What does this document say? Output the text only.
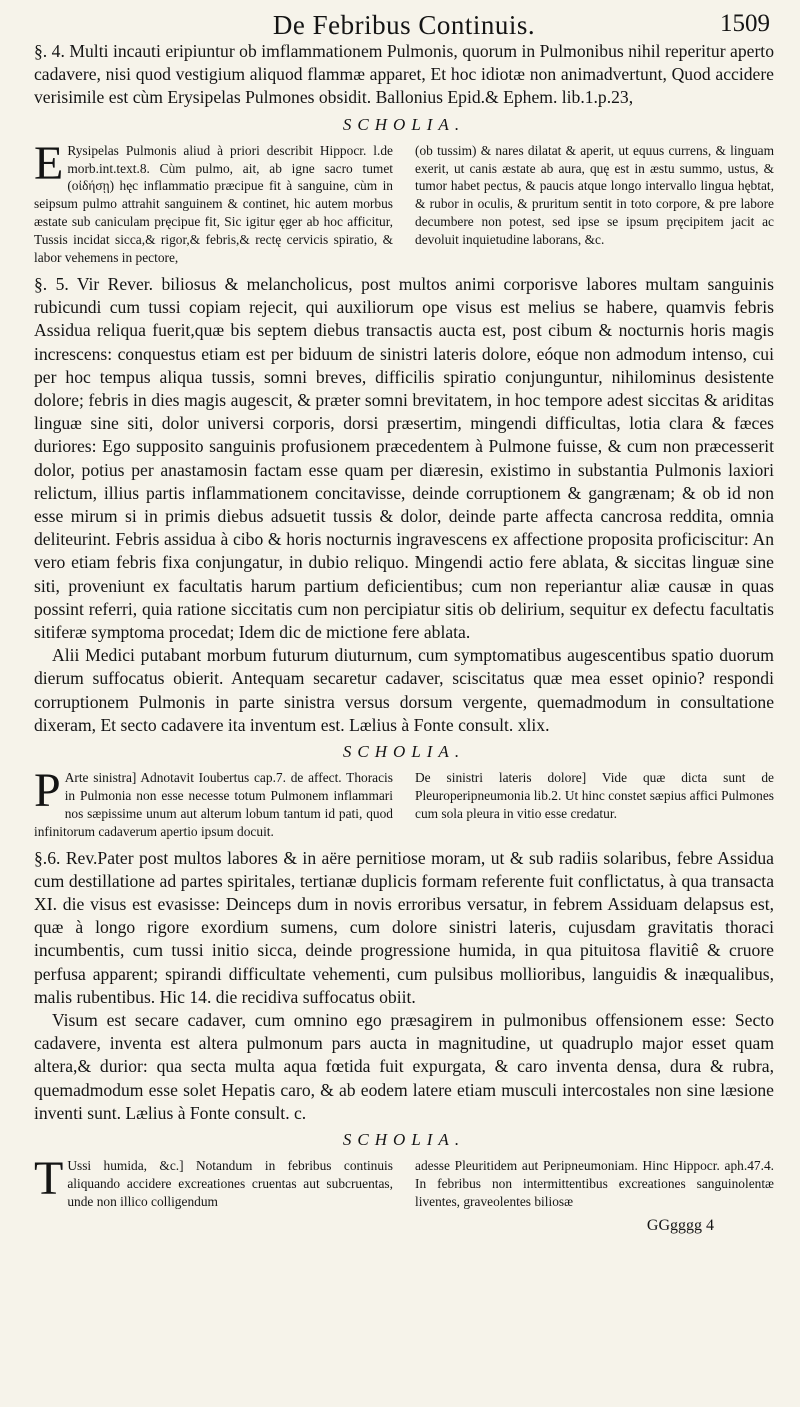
De Febribus Continuis.	1509

§. 4. Multi incauti eripiuntur ob imflammationem Pulmonis, quorum in Pulmonibus nihil reperitur aperto cadavere, nisi quod vestigium aliquod flammæ apparet, Et hoc idiotæ non animadvertunt, Quod accidere verisimile est cùm Erysipelas Pulmones obsidit. Ballonius Epid.& Ephem. lib.1.p.23,

SCHOLIA.
E Rysipelas Pulmonis aliud à priori describit Hippocr. l.de morb.int.text.8. Cùm pulmo, ait, ab igne sacro tumet (οἰδήσῃ) hęc inflammatio præcipue fit à sanguine, cùm in seipsum pulmo attrahit sanguinem & continet, hic autem morbus æstate sub caniculam pręcipue fit, Sic igitur ęger ab hoc afficitur, Tussis incidat sicca,& rigor,& febris,& rectę cervicis spiratio, & labor vehemens in pectore,
(ob tussim) & nares dilatat & aperit, ut equus currens, & linguam exerit, ut canis æstate ab aura, quę est in æstu summo, ustus, & tumor habet pectus, & paucis atque longo intervallo lingua hębtat, & rubor in oculis, & pruritum sentit in toto corpore, & pre labore decumbere non potest, sed ipse se ipsum pręcipitem jacit ac devoluit inquietudine laborans, &c.

§. 5. Vir Rever. biliosus & melancholicus, post multos animi corporisve labores multam sanguinis rubicundi cum tussi copiam rejecit, qui auxiliorum ope visus est melius se habere, quamvis febris Assidua reliqua fuerit,quæ bis septem diebus transactis aucta est, post cibum & nocturnis horis magis increscens: conquestus etiam est per biduum de sinistri lateris dolore, eóque non admodum intenso, cui per hoc tempus aliqua tussis, somni breves, difficilis spiratio conjunguntur, nihilominus desistente dolore; febris in dies magis augescit, & præter somni brevitatem, in hoc tempore adest siccitas & ariditas linguæ sine siti, dolor universi corporis, dorsi præsertim, mingendi difficultas, lotia clara & fæces duriores: Ego supposito sanguinis profusionem præcedentem à Pulmone fuisse, & cum non præcesserit dolor, potius per anastamosin factam esse quam per diæresin, existimo in substantia Pulmonis laxiori relictum, illius partis inflammationem concitavisse, deinde corruptionem & gangrænam; & ob id non esse mirum si in primis diebus adsuetit tussis & dolor, deinde parte affecta cancrosa reddita, omnia deliteurint. Febris assidua à cibo & horis nocturnis ingravescens ex affectione proposita proficiscitur: An vero etiam febris fixa conjungatur, in dubio reliquo. Mingendi actio fere ablata, & siccitas linguæ sine siti, proveniunt ex facultatis harum partium deficientibus; cum non reperiantur aliæ causæ in quas possint referri, quia ratione siccitatis cum non percipiatur sitis ob delirium, sequitur ex defectu facultatis sitiferæ symptoma procedat; Idem dic de mictione fere ablata.

Alii Medici putabant morbum futurum diuturnum, cum symptomatibus augescentibus spatio duorum dierum suffocatus obierit. Antequam secaretur cadaver, sciscitatus quæ mea esset opinio? respondi corruptionem Pulmonis in parte sinistra versus dorsum vergente, quemadmodum in consultatione dixeram, Et secto cadavere ita inventum est. Lælius à Fonte consult. xlix.

SCHOLIA.
P Arte sinistra] Adnotavit Ioubertus cap.7. de affect. Thoracis in Pulmonia non esse necesse totum Pulmonem inflammari nos sæpissime unum aut alterum lobum tantum id pati, quod infinitorum cadaverum apertio ipsum docuit.
De sinistri lateris dolore] Vide quæ dicta sunt de Pleuroperipneumonia lib.2. Ut hinc constet sæpius affici Pulmones cum sola pleura in vitio esse credatur.

§.6. Rev.Pater post multos labores & in aëre pernitiose moram, ut & sub radiis solaribus, febre Assidua cum destillatione ad partes spiritales, tertianæ duplicis formam referente fuit conflictatus, à qua transacta XI. die visus est evasisse: Deinceps dum in novis erroribus versatur, in febrem Assiduam delapsus est, quæ à longo rigore exordium sumens, cum dolore sinistri lateris, cujusdam gravitatis thoraci incumbentis, cum tussi initio sicca, deinde progressione humida, in qua pituitosa flavitiê & cruore perfusa apparent; spirandi difficultate vehementi, cum pulsibus mollioribus, languidis & inæqualibus, malis rubentibus. Hic 14. die recidiva suffocatus obiit.

Visum est secare cadaver, cum omnino ego præsagirem in pulmonibus offensionem esse: Secto cadavere, inventa est altera pulmonum pars aucta in magnitudine, ut quadruplo major esset quam altera,& durior: qua secta multa aqua fœtida fuit expurgata, & caro inventa densa, dura & rubra, quemadmodum esse solet Hepatis caro, & ab eodem latere etiam musculi intercostales non sine læsione inventi sunt. Lælius à Fonte consult. c.

SCHOLIA.
T Ussi humida, &c.] Notandum in febribus continuis aliquando accidere excreationes cruentas aut subcruentas, unde non illico colligendum
adesse Pleuritidem aut Peripneumoniam. Hinc Hippocr. aph.47.4. In febribus non intermittentibus excreationes sanguinolentæ liventes, graveolentes biliosæ
GGgggg 4
